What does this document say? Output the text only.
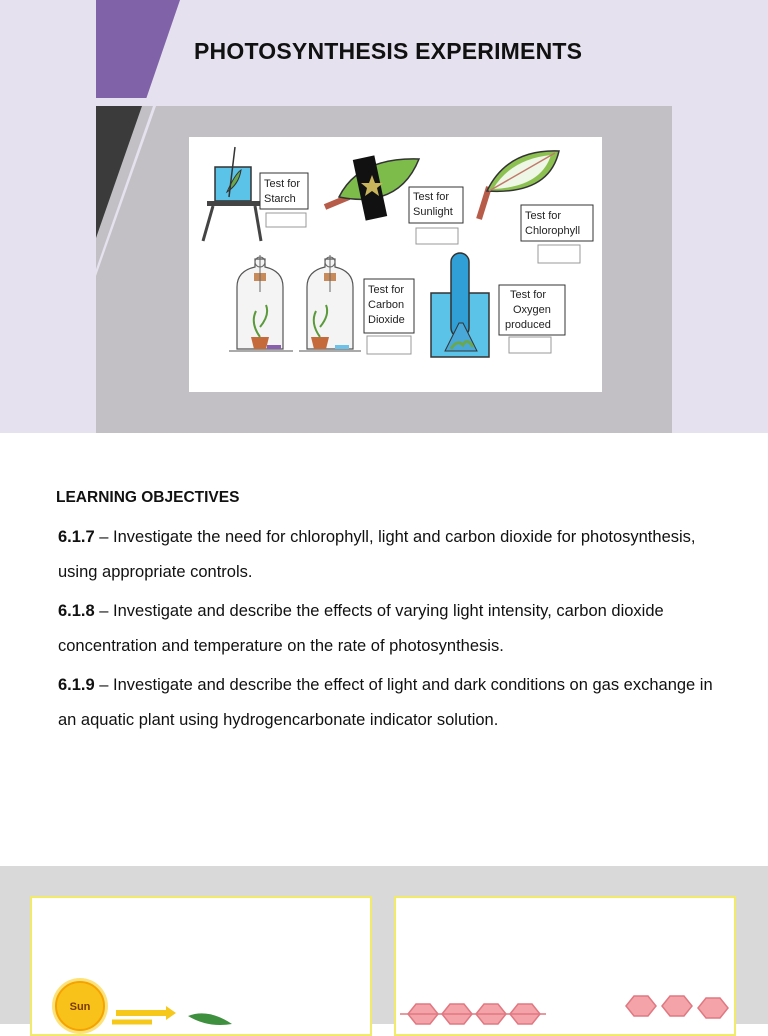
PHOTOSYNTHESIS EXPERIMENTS
Test for
Starch	Test for
Sunlight	Test for
Chlorophyll
Test for
Carbon
Dioxide
Test for
Oxygen
produced
LEARNING OBJECTIVES

6.1.7 – Investigate the need for chlorophyll, light and carbon dioxide for photosynthesis, using appropriate controls.

6.1.8 – Investigate and describe the effects of varying light intensity, carbon dioxide concentration and temperature on the rate of photosynthesis.

6.1.9 – Investigate and describe the effect of light and dark conditions on gas exchange in an aquatic plant using hydrogencarbonate indicator solution.

Sun
